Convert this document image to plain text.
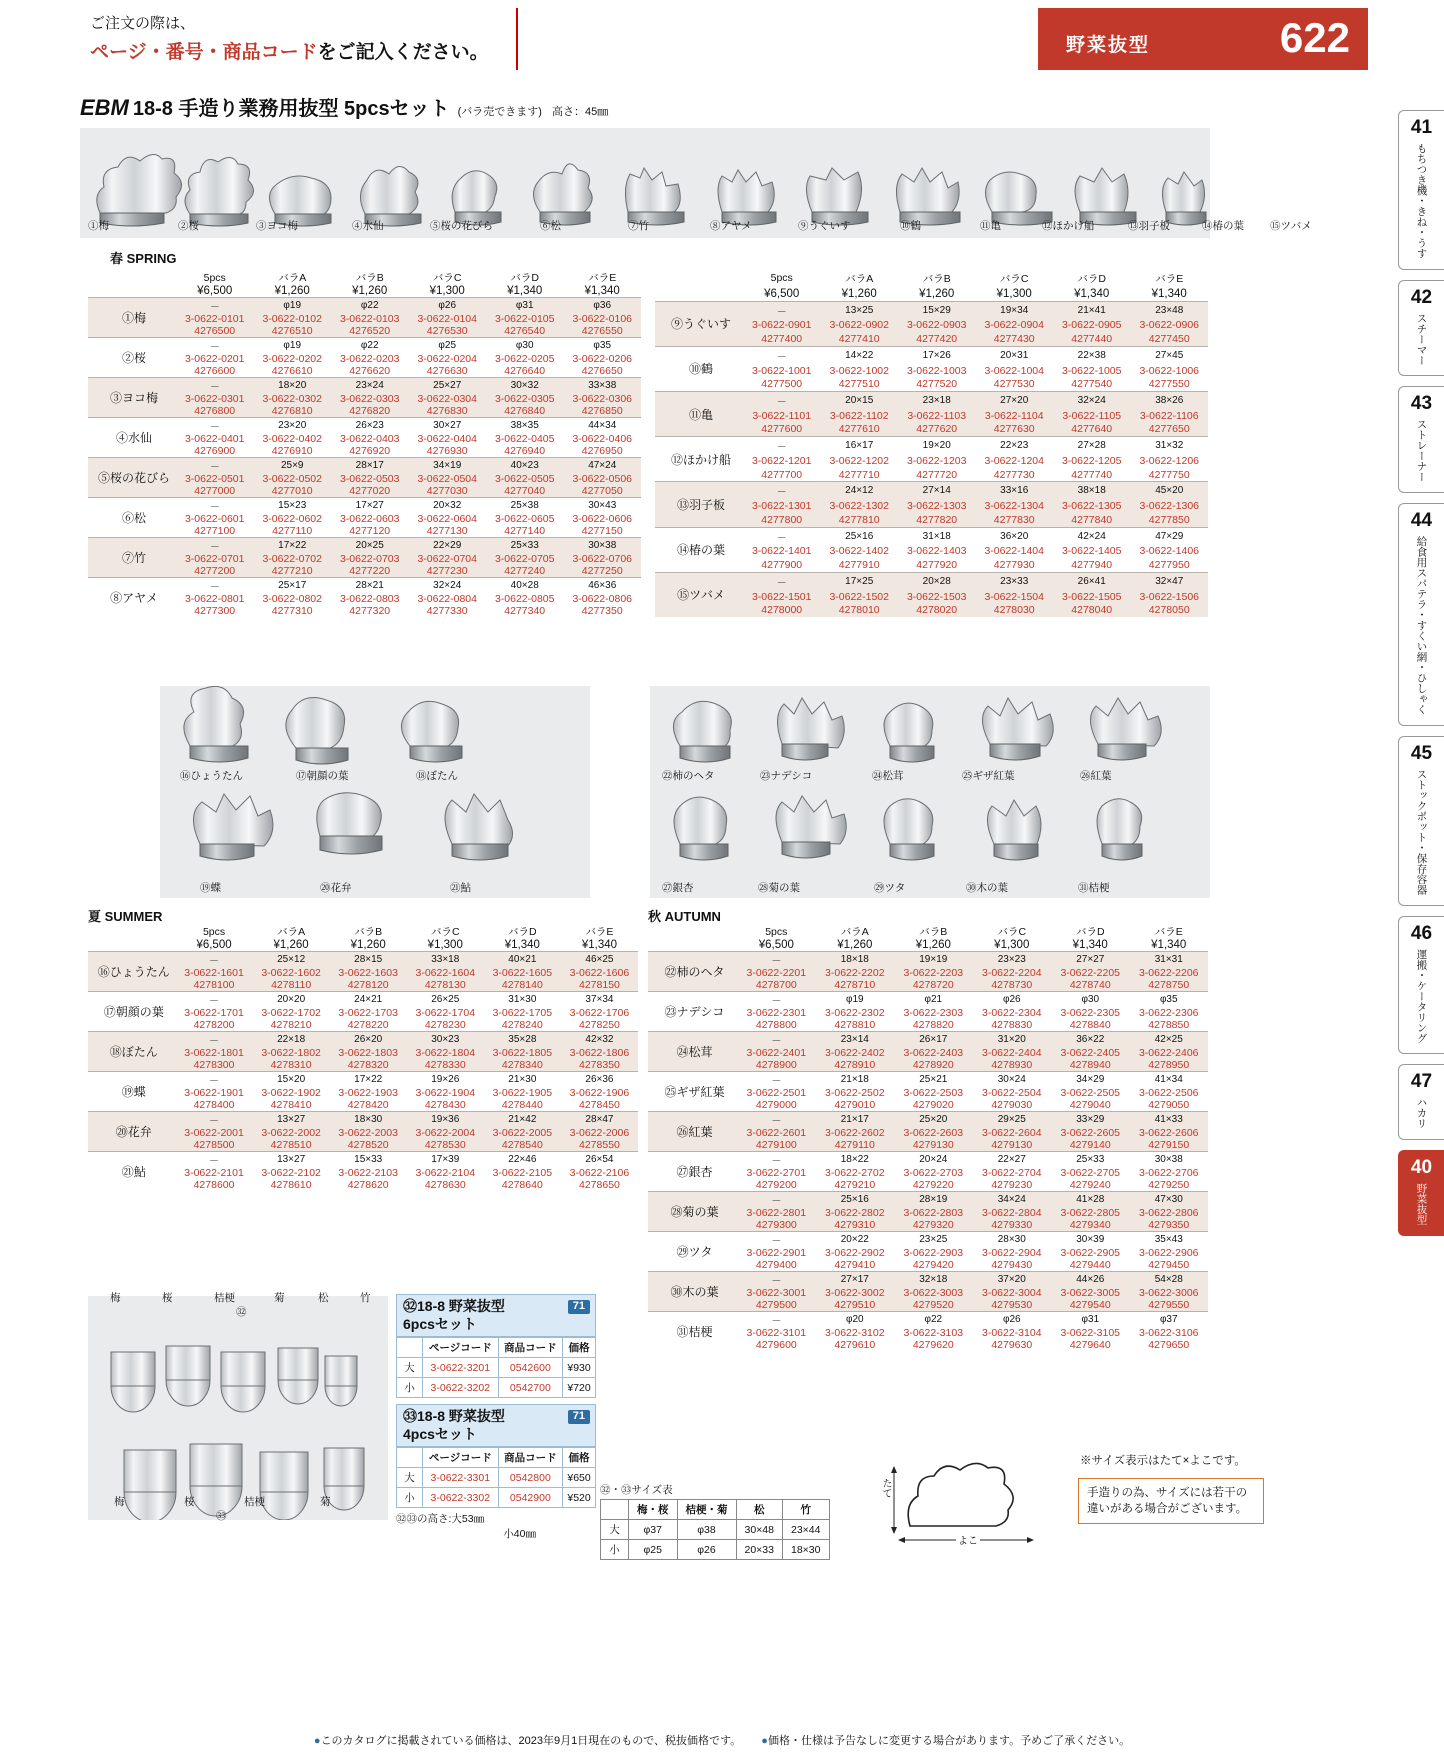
ご注文の際は、
ページ・番号・商品コードをご記入ください。	野菜抜型	622
EBM 18-8 手造り業務用抜型 5pcsセット (バラ売できます) 高さ：45㎜
①梅	②桜	③ヨコ梅	④水仙	⑤桜の花びら	⑥松	⑦竹	⑧アヤメ	⑨うぐいす	⑩鶴	⑪亀	⑫ほかけ船	⑬羽子板	⑭椿の葉 ⑮ツバメ
春 SPRING
	5pcs	バラA	バラB	バラC	バラD	バラE
	¥6,500	¥1,260	¥1,260	¥1,300	¥1,340	¥1,340
①梅	－	φ19	φ22	φ26	φ31	φ36
	3-0622-0101	3-0622-0102	3-0622-0103	3-0622-0104	3-0622-0105	3-0622-0106
	4276500	4276510	4276520	4276530	4276540	4276550
②桜	－	φ19	φ22	φ25	φ30	φ35
	3-0622-0201	3-0622-0202	3-0622-0203	3-0622-0204	3-0622-0205	3-0622-0206
	4276600	4276610	4276620	4276630	4276640	4276650
③ヨコ梅	－	18×20	23×24	25×27	30×32	33×38
	3-0622-0301	3-0622-0302	3-0622-0303	3-0622-0304	3-0622-0305	3-0622-0306
	4276800	4276810	4276820	4276830	4276840	4276850
④水仙	－	23×20	26×23	30×27	38×35	44×34
	3-0622-0401	3-0622-0402	3-0622-0403	3-0622-0404	3-0622-0405	3-0622-0406
	4276900	4276910	4276920	4276930	4276940	4276950
⑤桜の花びら	－	25×9	28×17	34×19	40×23	47×24
	3-0622-0501	3-0622-0502	3-0622-0503	3-0622-0504	3-0622-0505	3-0622-0506
	4277000	4277010	4277020	4277030	4277040	4277050
⑥松	－	15×23	17×27	20×32	25×38	30×43
	3-0622-0601	3-0622-0602	3-0622-0603	3-0622-0604	3-0622-0605	3-0622-0606
	4277100	4277110	4277120	4277130	4277140	4277150
⑦竹	－	17×22	20×25	22×29	25×33	30×38
	3-0622-0701	3-0622-0702	3-0622-0703	3-0622-0704	3-0622-0705	3-0622-0706
	4277200	4277210	4277220	4277230	4277240	4277250
⑧アヤメ	－	25×17	28×21	32×24	40×28	46×36
	3-0622-0801	3-0622-0802	3-0622-0803	3-0622-0804	3-0622-0805	3-0622-0806
	4277300	4277310	4277320	4277330	4277340	4277350
	5pcs	バラA	バラB	バラC	バラD	バラE
	¥6,500	¥1,260	¥1,260	¥1,300	¥1,340	¥1,340
⑨うぐいす	－	13×25	15×29	19×34	21×41	23×48
	3-0622-0901	3-0622-0902	3-0622-0903	3-0622-0904	3-0622-0905	3-0622-0906
	4277400	4277410	4277420	4277430	4277440	4277450
⑩鶴	－	14×22	17×26	20×31	22×38	27×45
	3-0622-1001	3-0622-1002	3-0622-1003	3-0622-1004	3-0622-1005	3-0622-1006
	4277500	4277510	4277520	4277530	4277540	4277550
⑪亀	－	20×15	23×18	27×20	32×24	38×26
	3-0622-1101	3-0622-1102	3-0622-1103	3-0622-1104	3-0622-1105	3-0622-1106
	4277600	4277610	4277620	4277630	4277640	4277650
⑫ほかけ船	－	16×17	19×20	22×23	27×28	31×32
	3-0622-1201	3-0622-1202	3-0622-1203	3-0622-1204	3-0622-1205	3-0622-1206
	4277700	4277710	4277720	4277730	4277740	4277750
⑬羽子板	－	24×12	27×14	33×16	38×18	45×20
	3-0622-1301	3-0622-1302	3-0622-1303	3-0622-1304	3-0622-1305	3-0622-1306
	4277800	4277810	4277820	4277830	4277840	4277850
⑭椿の葉	－	25×16	31×18	36×20	42×24	47×29
	3-0622-1401	3-0622-1402	3-0622-1403	3-0622-1404	3-0622-1405	3-0622-1406
	4277900	4277910	4277920	4277930	4277940	4277950
⑮ツバメ	－	17×25	20×28	23×33	26×41	32×47
	3-0622-1501	3-0622-1502	3-0622-1503	3-0622-1504	3-0622-1505	3-0622-1506
	4278000	4278010	4278020	4278030	4278040	4278050
⑯ひょうたん	⑰朝顔の葉	⑱ぼたん
⑲蝶	⑳花弁	㉑鮎
㉒柿のヘタ	㉓ナデシコ	㉔松茸	㉕ギザ紅葉	㉖紅葉
㉗銀杏	㉘菊の葉	㉙ツタ	㉚木の葉	㉛桔梗
夏 SUMMER
	5pcs	バラA	バラB	バラC	バラD	バラE
	¥6,500	¥1,260	¥1,260	¥1,300	¥1,340	¥1,340
⑯ひょうたん	－	25×12	28×15	33×18	40×21	46×25
	3-0622-1601	3-0622-1602	3-0622-1603	3-0622-1604	3-0622-1605	3-0622-1606
	4278100	4278110	4278120	4278130	4278140	4278150
⑰朝顔の葉	－	20×20	24×21	26×25	31×30	37×34
	3-0622-1701	3-0622-1702	3-0622-1703	3-0622-1704	3-0622-1705	3-0622-1706
	4278200	4278210	4278220	4278230	4278240	4278250
⑱ぼたん	－	22×18	26×20	30×23	35×28	42×32
	3-0622-1801	3-0622-1802	3-0622-1803	3-0622-1804	3-0622-1805	3-0622-1806
	4278300	4278310	4278320	4278330	4278340	4278350
⑲蝶	－	15×20	17×22	19×26	21×30	26×36
	3-0622-1901	3-0622-1902	3-0622-1903	3-0622-1904	3-0622-1905	3-0622-1906
	4278400	4278410	4278420	4278430	4278440	4278450
⑳花弁	－	13×27	18×30	19×36	21×42	28×47
	3-0622-2001	3-0622-2002	3-0622-2003	3-0622-2004	3-0622-2005	3-0622-2006
	4278500	4278510	4278520	4278530	4278540	4278550
㉑鮎	－	13×27	15×33	17×39	22×46	26×54
	3-0622-2101	3-0622-2102	3-0622-2103	3-0622-2104	3-0622-2105	3-0622-2106
	4278600	4278610	4278620	4278630	4278640	4278650
秋 AUTUMN
	5pcs	バラA	バラB	バラC	バラD	バラE
	¥6,500	¥1,260	¥1,260	¥1,300	¥1,340	¥1,340
㉒柿のヘタ	－	18×18	19×19	23×23	27×27	31×31
	3-0622-2201	3-0622-2202	3-0622-2203	3-0622-2204	3-0622-2205	3-0622-2206
	4278700	4278710	4278720	4278730	4278740	4278750
㉓ナデシコ	－	φ19	φ21	φ26	φ30	φ35
	3-0622-2301	3-0622-2302	3-0622-2303	3-0622-2304	3-0622-2305	3-0622-2306
	4278800	4278810	4278820	4278830	4278840	4278850
㉔松茸	－	23×14	26×17	31×20	36×22	42×25
	3-0622-2401	3-0622-2402	3-0622-2403	3-0622-2404	3-0622-2405	3-0622-2406
	4278900	4278910	4278920	4278930	4278940	4278950
㉕ギザ紅葉	－	21×18	25×21	30×24	34×29	41×34
	3-0622-2501	3-0622-2502	3-0622-2503	3-0622-2504	3-0622-2505	3-0622-2506
	4279000	4279010	4279020	4279030	4279040	4279050
㉖紅葉	－	21×17	25×20	29×25	33×29	41×33
	3-0622-2601	3-0622-2602	3-0622-2603	3-0622-2604	3-0622-2605	3-0622-2606
	4279100	4279110	4279130	4279130	4279140	4279150
㉗銀杏	－	18×22	20×24	22×27	25×33	30×38
	3-0622-2701	3-0622-2702	3-0622-2703	3-0622-2704	3-0622-2705	3-0622-2706
	4279200	4279210	4279220	4279230	4279240	4279250
㉘菊の葉	－	25×16	28×19	34×24	41×28	47×30
	3-0622-2801	3-0622-2802	3-0622-2803	3-0622-2804	3-0622-2805	3-0622-2806
	4279300	4279310	4279320	4279330	4279340	4279350
㉙ツタ	－	20×22	23×25	28×30	30×39	35×43
	3-0622-2901	3-0622-2902	3-0622-2903	3-0622-2904	3-0622-2905	3-0622-2906
	4279400	4279410	4279420	4279430	4279440	4279450
㉚木の葉	－	27×17	32×18	37×20	44×26	54×28
	3-0622-3001	3-0622-3002	3-0622-3003	3-0622-3004	3-0622-3005	3-0622-3006
	4279500	4279510	4279520	4279530	4279540	4279550
㉛桔梗	－	φ20	φ22	φ26	φ31	φ37
	3-0622-3101	3-0622-3102	3-0622-3103	3-0622-3104	3-0622-3105	3-0622-3106
	4279600	4279610	4279620	4279630	4279640	4279650
梅	桜	桔梗	菊	松	竹
㉜
梅	桜	桔梗	菊
㉝
㉜18-8 野菜抜型
6pcsセット
71
	ページコード	商品コード	価格
大	3-0622-3201	0542600	¥930
小	3-0622-3202	0542700	¥720
㉝18-8 野菜抜型
4pcsセット
71
	ページコード	商品コード	価格
大	3-0622-3301	0542800	¥650
小	3-0622-3302	0542900	¥520
㉜㉝の高さ:大53㎜
小40㎜
㉜・㉝サイズ表
	梅・桜	桔梗・菊	松	竹
大	φ37	φ38	30×48	23×44
小	φ25	φ26	20×33	18×30
たて
よこ
※サイズ表示はたて×よこです。
手造りの為、サイズには若干の
違いがある場合がございます。
41
もちつき機・きね・うす
42
スチーマー
43
ストレーナー
44
給食用スパテラ・すくい網・ひしゃく
45
ストックポット・保存容器
46
運搬・ケータリング
47
ハカリ
40
野菜抜型
●このカタログに掲載されている価格は、2023年9月1日現在のもので、税抜価格です。 ●価格・仕様は予告なしに変更する場合があります。予めご了承ください。
